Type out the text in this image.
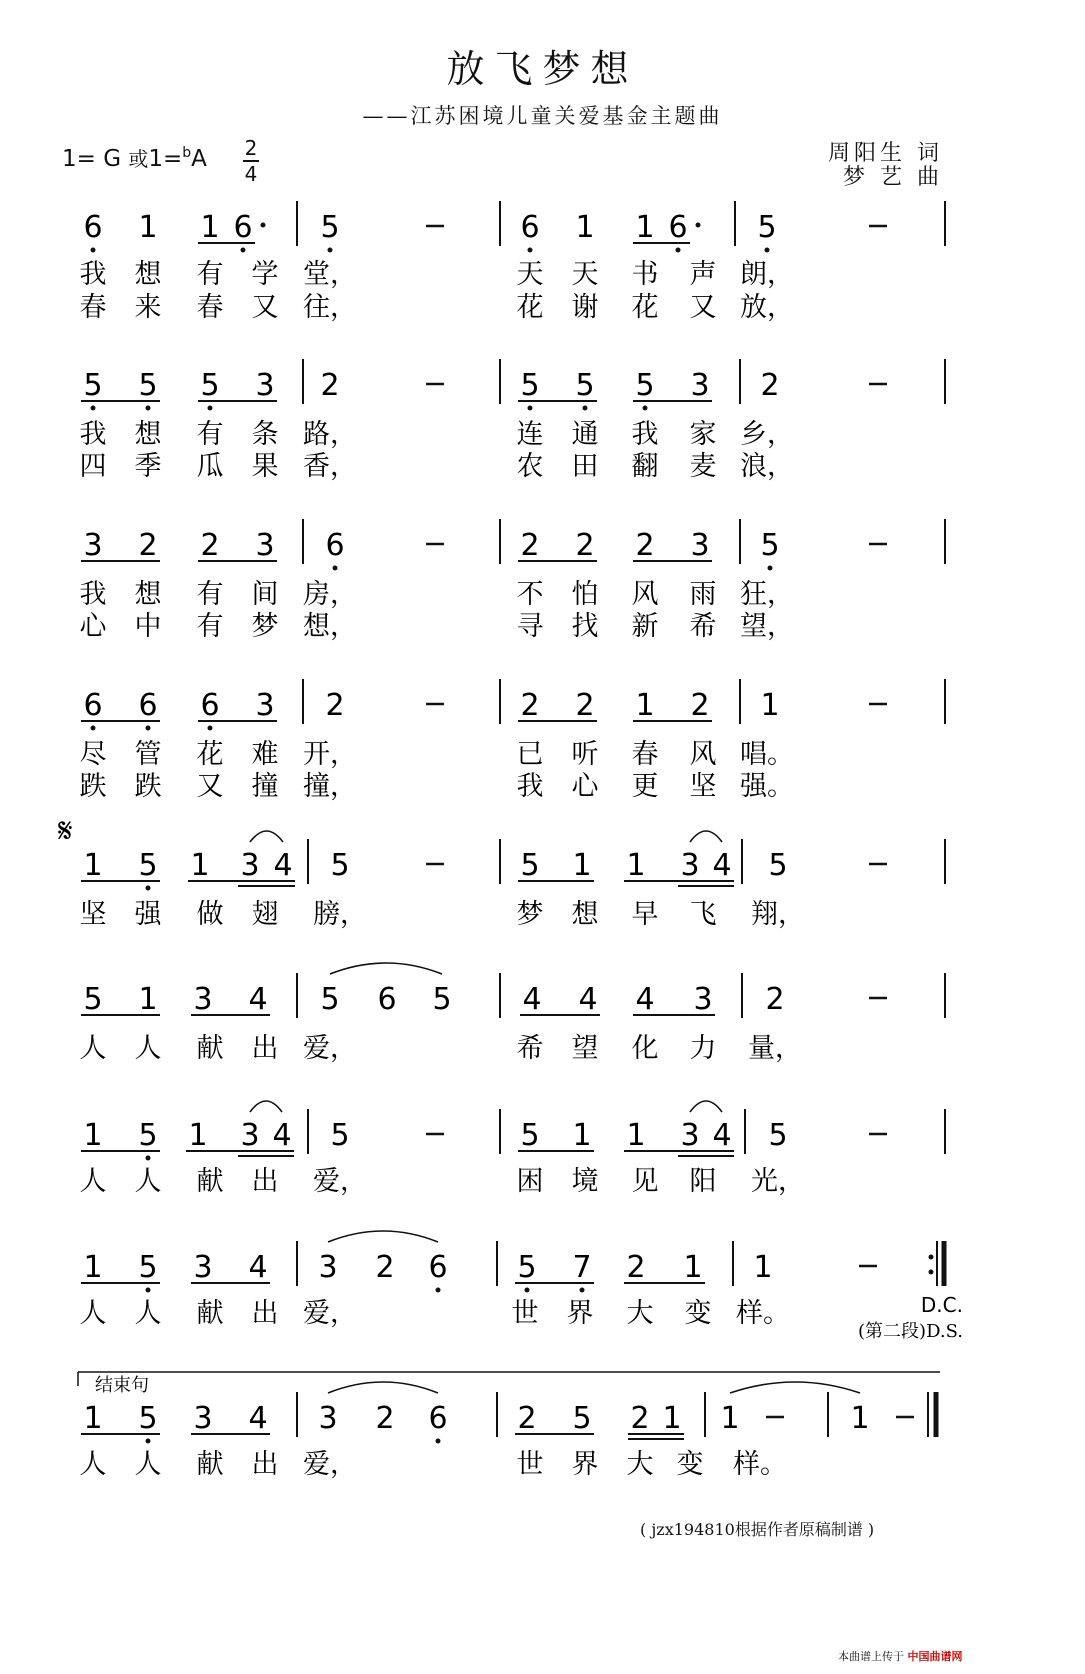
放飞梦想
——江苏困境儿童关爱基金主题曲
1= G 或1=$^b$A 2
4
周阳生 词
梦 艺 曲
6 1 1 6 5	6 1 1 6 5
我 想 有 学 堂，	天 天 书 声 朗，
春 来 春 又 往，	花 谢 花 又 放，
5 5 5 3 2	5 5 5 3 2
我 想 有 条 路，	连 通 我 家 乡，
四 季 瓜 果 香，	农 田 翻 麦 浪，
3 2 2 3 6	2 2 2 3 5
我 想 有 间 房，	不 怕 风 雨 狂，
心 中 有 梦 想，	寻 找 新 希 望，
6 6 6 3 2	2 2 1 2 1
尽 管 花 难 开，	已 听 春 风 唱。
跌 跌 又 撞 撞，	我 心 更 坚 强。
𝄋
1 5 1 3 4 5	5 1 1 3 4 5
坚 强 做 翅 膀，	梦 想 早 飞 翔，
5 1 3 4 5 6 5 4 4 4 3 2
人 人 献 出 爱，	希 望 化 力 量，
1 5 1 3 4 5	5 1 1 3 4 5
人 人 献 出 爱，	困 境 见 阳 光，
1 5 3 4 3 2 6 5 7 2 1 1
人 人 献 出 爱，	世 界 大 变 样。	D.C.
(第二段)D.S.
结束句
1 5 3 4 3 2 6 2 5 2 1 1	1
人 人 献 出 爱，	世 界 大 变 样。
( jzx194810根据作者原稿制谱 )
本曲谱上传于 中国曲谱网
